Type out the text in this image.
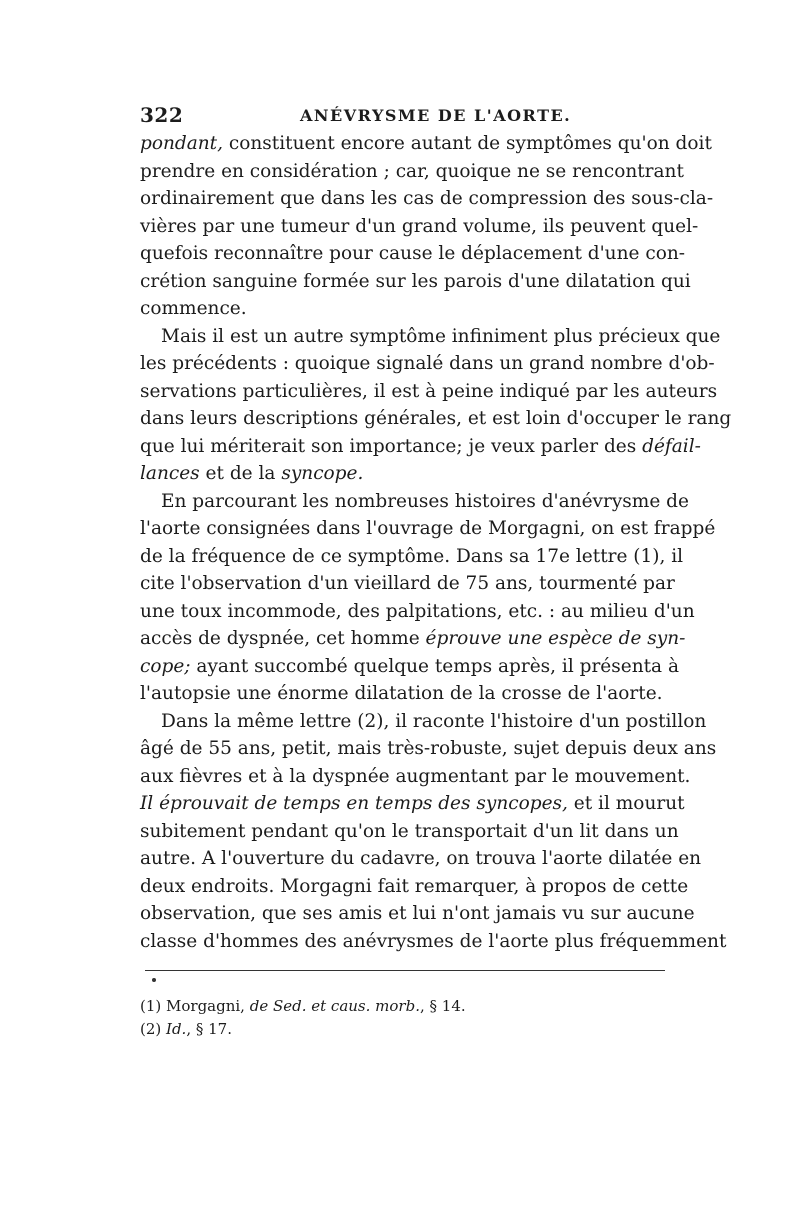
322	ANÉVRYSME DE L'AORTE.
pondant, constituent encore autant de symptômes qu'on doit
prendre en considération ; car, quoique ne se rencontrant
ordinairement que dans les cas de compression des sous-cla-
vières par une tumeur d'un grand volume, ils peuvent quel-
quefois reconnaître pour cause le déplacement d'une con-
crétion sanguine formée sur les parois d'une dilatation qui
commence.
Mais il est un autre symptôme infiniment plus précieux que
les précédents : quoique signalé dans un grand nombre d'ob-
servations particulières, il est à peine indiqué par les auteurs
dans leurs descriptions générales, et est loin d'occuper le rang
que lui mériterait son importance; je veux parler des défail-
lances et de la syncope.
En parcourant les nombreuses histoires d'anévrysme de
l'aorte consignées dans l'ouvrage de Morgagni, on est frappé
de la fréquence de ce symptôme. Dans sa 17e lettre (1), il
cite l'observation d'un vieillard de 75 ans, tourmenté par
une toux incommode, des palpitations, etc. : au milieu d'un
accès de dyspnée, cet homme éprouve une espèce de syn-
cope; ayant succombé quelque temps après, il présenta à
l'autopsie une énorme dilatation de la crosse de l'aorte.
Dans la même lettre (2), il raconte l'histoire d'un postillon
âgé de 55 ans, petit, mais très-robuste, sujet depuis deux ans
aux fièvres et à la dyspnée augmentant par le mouvement.
Il éprouvait de temps en temps des syncopes, et il mourut
subitement pendant qu'on le transportait d'un lit dans un
autre. A l'ouverture du cadavre, on trouva l'aorte dilatée en
deux endroits. Morgagni fait remarquer, à propos de cette
observation, que ses amis et lui n'ont jamais vu sur aucune
classe d'hommes des anévrysmes de l'aorte plus fréquemment
(1) Morgagni, de Sed. et caus. morb., § 14.
(2) Id., § 17.
